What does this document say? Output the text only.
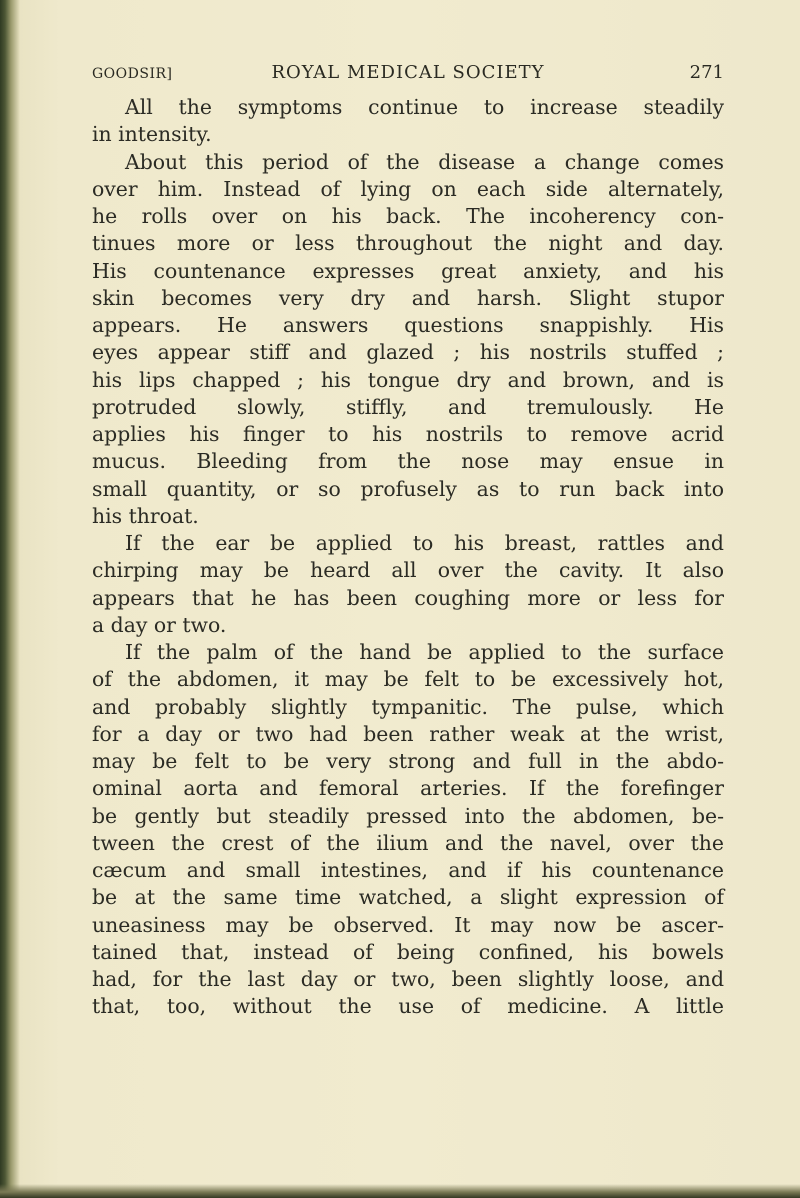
GOODSIR]	ROYAL MEDICAL SOCIETY	271
All the symptoms continue to increase steadily
in intensity.
About this period of the disease a change comes
over him. Instead of lying on each side alternately,
he rolls over on his back. The incoherency con-
tinues more or less throughout the night and day.
His countenance expresses great anxiety, and his
skin becomes very dry and harsh. Slight stupor
appears. He answers questions snappishly. His
eyes appear stiff and glazed ; his nostrils stuffed ;
his lips chapped ; his tongue dry and brown, and is
protruded slowly, stiffly, and tremulously. He
applies his finger to his nostrils to remove acrid
mucus. Bleeding from the nose may ensue in
small quantity, or so profusely as to run back into
his throat.
If the ear be applied to his breast, rattles and
chirping may be heard all over the cavity. It also
appears that he has been coughing more or less for
a day or two.
If the palm of the hand be applied to the surface
of the abdomen, it may be felt to be excessively hot,
and probably slightly tympanitic. The pulse, which
for a day or two had been rather weak at the wrist,
may be felt to be very strong and full in the abdo-
ominal aorta and femoral arteries. If the forefinger
be gently but steadily pressed into the abdomen, be-
tween the crest of the ilium and the navel, over the
cæcum and small intestines, and if his countenance
be at the same time watched, a slight expression of
uneasiness may be observed. It may now be ascer-
tained that, instead of being confined, his bowels
had, for the last day or two, been slightly loose, and
that, too, without the use of medicine. A little
